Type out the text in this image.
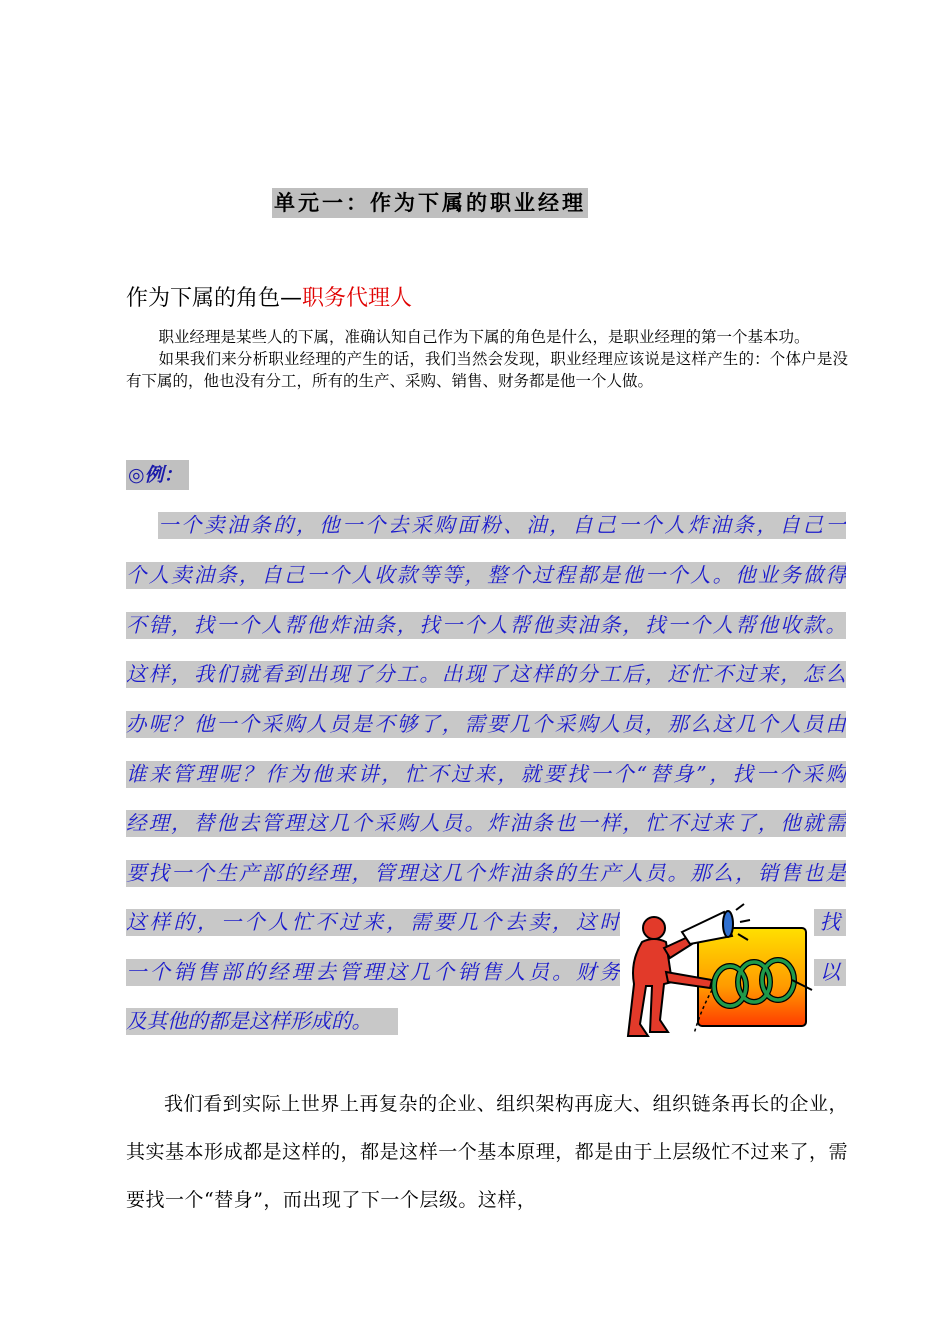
单元一：作为下属的职业经理
作为下属的角色—职务代理人

职业经理是某些人的下属，准确认知自己作为下属的角色是什么，是职业经理的第一个基本功。

如果我们来分析职业经理的产生的话，我们当然会发现，职业经理应该说是这样产生的：个体户是没有下属的，他也没有分工，所有的生产、采购、销售、财务都是他一个人做。

◎例：
一个卖油条的，他一个去采购面粉、油，自己一个人炸油条，自己一
个人卖油条，自己一个人收款等等，整个过程都是他一个人。他业务做得
不错，找一个人帮他炸油条，找一个人帮他卖油条，找一个人帮他收款。
这样，我们就看到出现了分工。出现了这样的分工后，还忙不过来，怎么
办呢？他一个采购人员是不够了，需要几个采购人员，那么这几个人员由
谁来管理呢？作为他来讲，忙不过来，就要找一个“替身”，找一个采购
经理，替他去管理这几个采购人员。炸油条也一样，忙不过来了，他就需
要找一个生产部的经理，管理这几个炸油条的生产人员。那么，销售也是
这样的，一个人忙不过来，需要几个去卖，这时	找
一个销售部的经理去管理这几个销售人员。财务	以
及其他的都是这样形成的。

我们看到实际上世界上再复杂的企业、组织架构再庞大、组织链条再长的企业，其实基本形成都是这样的，都是这样一个基本原理，都是由于上层级忙不过来了，需要找一个“替身”，而出现了下一个层级。这样，
